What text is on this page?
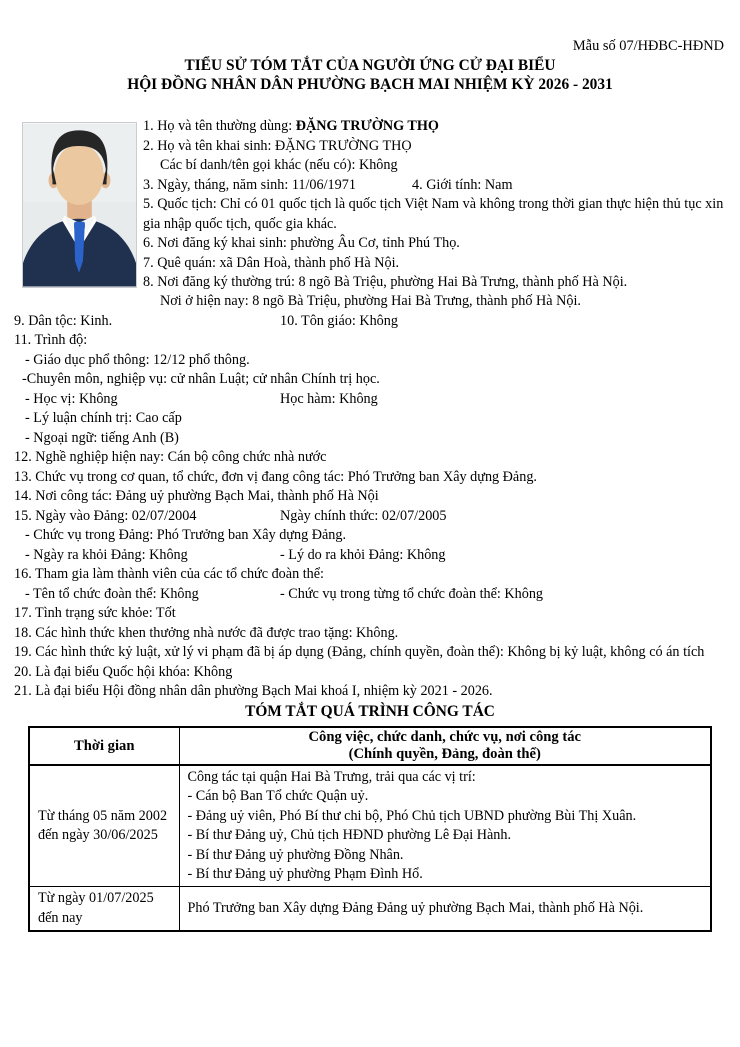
Mẫu số 07/HĐBC-HĐND
TIỂU SỬ TÓM TẮT CỦA NGƯỜI ỨNG CỬ ĐẠI BIỂU
HỘI ĐỒNG NHÂN DÂN PHƯỜNG BẠCH MAI NHIỆM KỲ 2026 - 2031
1. Họ và tên thường dùng: ĐẶNG TRƯỜNG THỌ
2. Họ và tên khai sinh: ĐẶNG TRƯỜNG THỌ
Các bí danh/tên gọi khác (nếu có): Không
3. Ngày, tháng, năm sinh: 11/06/1971	4. Giới tính: Nam
5. Quốc tịch: Chỉ có 01 quốc tịch là quốc tịch Việt Nam và không trong thời gian thực hiện thủ tục xin gia nhập quốc tịch, quốc gia khác.
6. Nơi đăng ký khai sinh: phường Âu Cơ, tỉnh Phú Thọ.
7. Quê quán: xã Dân Hoà, thành phố Hà Nội.
8. Nơi đăng ký thường trú: 8 ngõ Bà Triệu, phường Hai Bà Trưng, thành phố Hà Nội.
Nơi ở hiện nay: 8 ngõ Bà Triệu, phường Hai Bà Trưng, thành phố Hà Nội.
9. Dân tộc: Kinh.	10. Tôn giáo: Không
11. Trình độ:
- Giáo dục phổ thông: 12/12 phổ thông.
-Chuyên môn, nghiệp vụ: cử nhân Luật; cử nhân Chính trị học.
- Học vị: Không	Học hàm: Không
- Lý luận chính trị: Cao cấp
- Ngoại ngữ: tiếng Anh (B)
12. Nghề nghiệp hiện nay: Cán bộ công chức nhà nước
13. Chức vụ trong cơ quan, tổ chức, đơn vị đang công tác: Phó Trưởng ban Xây dựng Đảng.
14. Nơi công tác: Đảng uỷ phường Bạch Mai, thành phố Hà Nội
15. Ngày vào Đảng: 02/07/2004	Ngày chính thức: 02/07/2005
- Chức vụ trong Đảng: Phó Trưởng ban Xây dựng Đảng.
- Ngày ra khỏi Đảng: Không	- Lý do ra khỏi Đảng: Không
16. Tham gia làm thành viên của các tổ chức đoàn thể:
- Tên tổ chức đoàn thể: Không	- Chức vụ trong từng tổ chức đoàn thể: Không
17. Tình trạng sức khỏe: Tốt
18. Các hình thức khen thưởng nhà nước đã được trao tặng: Không.
19. Các hình thức kỷ luật, xử lý vi phạm đã bị áp dụng (Đảng, chính quyền, đoàn thể): Không bị kỷ luật, không có án tích
20. Là đại biểu Quốc hội khóa: Không
21. Là đại biểu Hội đồng nhân dân phường Bạch Mai khoá I, nhiệm kỳ 2021 - 2026.
TÓM TẮT QUÁ TRÌNH CÔNG TÁC
Thời gian	Công việc, chức danh, chức vụ, nơi công tác
(Chính quyền, Đảng, đoàn thể)

Từ tháng 05 năm 2002 đến ngày 30/06/2025	
Công tác tại quận Hai Bà Trưng, trải qua các vị trí:
- Cán bộ Ban Tổ chức Quận uỷ.
- Đảng uỷ viên, Phó Bí thư chi bộ, Phó Chủ tịch UBND phường Bùi Thị Xuân.
- Bí thư Đảng uỷ, Chủ tịch HĐND phường Lê Đại Hành.
- Bí thư Đảng uỷ phường Đồng Nhân.
- Bí thư Đảng uỷ phường Phạm Đình Hổ.

Từ ngày 01/07/2025 đến nay	Phó Trưởng ban Xây dựng Đảng Đảng uỷ phường Bạch Mai, thành phố Hà Nội.
